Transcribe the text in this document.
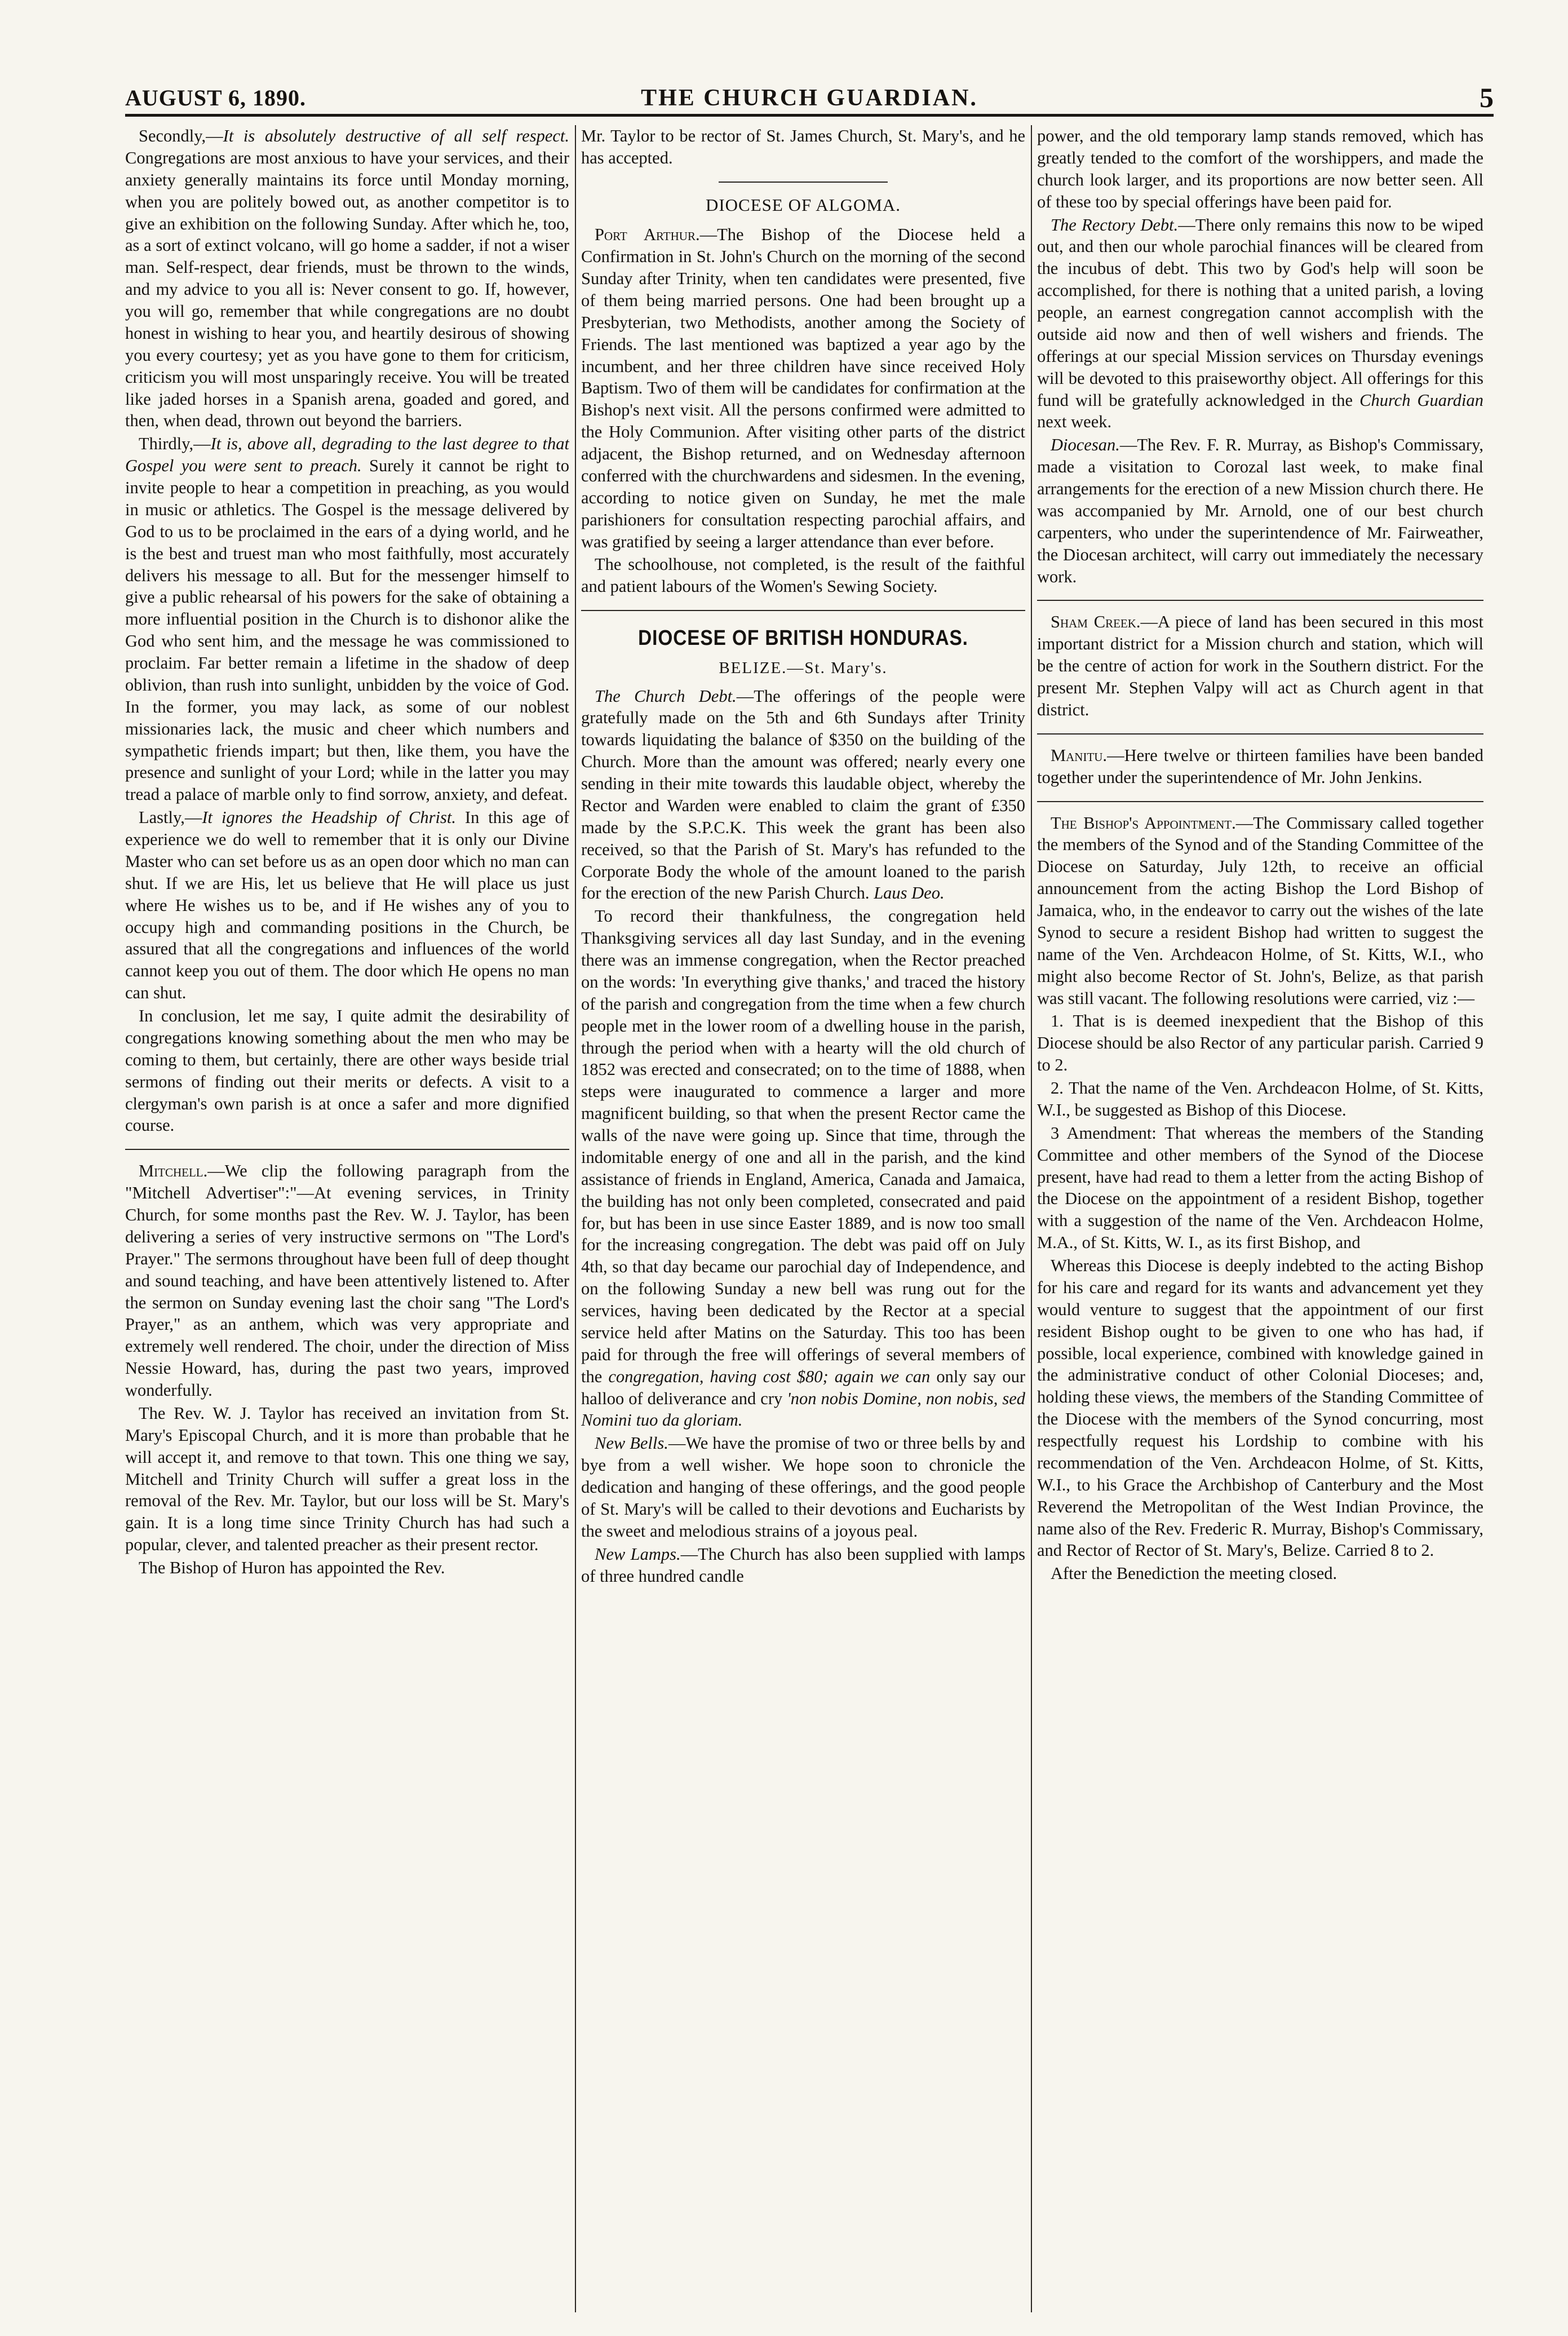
AUGUST 6, 1890.	THE CHURCH GUARDIAN.	5

Secondly,—It is absolutely destructive of all self respect. Congregations are most anxious to have your services, and their anxiety generally maintains its force until Monday morning, when you are politely bowed out, as another competitor is to give an exhibition on the following Sunday. After which he, too, as a sort of extinct volcano, will go home a sadder, if not a wiser man. Self-respect, dear friends, must be thrown to the winds, and my advice to you all is: Never consent to go. If, however, you will go, remember that while congregations are no doubt honest in wishing to hear you, and heartily desirous of showing you every courtesy; yet as you have gone to them for criticism, criticism you will most unsparingly receive. You will be treated like jaded horses in a Spanish arena, goaded and gored, and then, when dead, thrown out beyond the barriers.

Thirdly,—It is, above all, degrading to the last degree to that Gospel you were sent to preach. Surely it cannot be right to invite people to hear a competition in preaching, as you would in music or athletics. The Gospel is the message delivered by God to us to be proclaimed in the ears of a dying world, and he is the best and truest man who most faithfully, most accurately delivers his message to all. But for the messenger himself to give a public rehearsal of his powers for the sake of obtaining a more influential position in the Church is to dishonor alike the God who sent him, and the message he was commissioned to proclaim. Far better remain a lifetime in the shadow of deep oblivion, than rush into sunlight, unbidden by the voice of God. In the former, you may lack, as some of our noblest missionaries lack, the music and cheer which numbers and sympathetic friends impart; but then, like them, you have the presence and sunlight of your Lord; while in the latter you may tread a palace of marble only to find sorrow, anxiety, and defeat.

Lastly,—It ignores the Headship of Christ. In this age of experience we do well to remember that it is only our Divine Master who can set before us as an open door which no man can shut. If we are His, let us believe that He will place us just where He wishes us to be, and if He wishes any of you to occupy high and commanding positions in the Church, be assured that all the congregations and influences of the world cannot keep you out of them. The door which He opens no man can shut.

In conclusion, let me say, I quite admit the desirability of congregations knowing something about the men who may be coming to them, but certainly, there are other ways beside trial sermons of finding out their merits or defects. A visit to a clergyman's own parish is at once a safer and more dignified course.

Mitchell.—We clip the following paragraph from the "Mitchell Advertiser":"—At evening services, in Trinity Church, for some months past the Rev. W. J. Taylor, has been delivering a series of very instructive sermons on "The Lord's Prayer." The sermons throughout have been full of deep thought and sound teaching, and have been attentively listened to. After the sermon on Sunday evening last the choir sang "The Lord's Prayer," as an anthem, which was very appropriate and extremely well rendered. The choir, under the direction of Miss Nessie Howard, has, during the past two years, improved wonderfully.

The Rev. W. J. Taylor has received an invitation from St. Mary's Episcopal Church, and it is more than probable that he will accept it, and remove to that town. This one thing we say, Mitchell and Trinity Church will suffer a great loss in the removal of the Rev. Mr. Taylor, but our loss will be St. Mary's gain. It is a long time since Trinity Church has had such a popular, clever, and talented preacher as their present rector.

The Bishop of Huron has appointed the Rev.

Mr. Taylor to be rector of St. James Church, St. Mary's, and he has accepted.

DIOCESE OF ALGOMA.

Port Arthur.—The Bishop of the Diocese held a Confirmation in St. John's Church on the morning of the second Sunday after Trinity, when ten candidates were presented, five of them being married persons. One had been brought up a Presbyterian, two Methodists, another among the Society of Friends. The last mentioned was baptized a year ago by the incumbent, and her three children have since received Holy Baptism. Two of them will be candidates for confirmation at the Bishop's next visit. All the persons confirmed were admitted to the Holy Communion. After visiting other parts of the district adjacent, the Bishop returned, and on Wednesday afternoon conferred with the churchwardens and sidesmen. In the evening, according to notice given on Sunday, he met the male parishioners for consultation respecting parochial affairs, and was gratified by seeing a larger attendance than ever before.

The schoolhouse, not completed, is the result of the faithful and patient labours of the Women's Sewing Society.

DIOCESE OF BRITISH HONDURAS.
BELIZE.—St. Mary's.

The Church Debt.—The offerings of the people were gratefully made on the 5th and 6th Sundays after Trinity towards liquidating the balance of $350 on the building of the Church. More than the amount was offered; nearly every one sending in their mite towards this laudable object, whereby the Rector and Warden were enabled to claim the grant of £350 made by the S.P.C.K. This week the grant has been also received, so that the Parish of St. Mary's has refunded to the Corporate Body the whole of the amount loaned to the parish for the erection of the new Parish Church. Laus Deo.

To record their thankfulness, the congregation held Thanksgiving services all day last Sunday, and in the evening there was an immense congregation, when the Rector preached on the words: 'In everything give thanks,' and traced the history of the parish and congregation from the time when a few church people met in the lower room of a dwelling house in the parish, through the period when with a hearty will the old church of 1852 was erected and consecrated; on to the time of 1888, when steps were inaugurated to commence a larger and more magnificent building, so that when the present Rector came the walls of the nave were going up. Since that time, through the indomitable energy of one and all in the parish, and the kind assistance of friends in England, America, Canada and Jamaica, the building has not only been completed, consecrated and paid for, but has been in use since Easter 1889, and is now too small for the increasing congregation. The debt was paid off on July 4th, so that day became our parochial day of Independence, and on the following Sunday a new bell was rung out for the services, having been dedicated by the Rector at a special service held after Matins on the Saturday. This too has been paid for through the free will offerings of several members of the congregation, having cost $80; again we can only say our halloo of deliverance and cry 'non nobis Domine, non nobis, sed Nomini tuo da gloriam.

New Bells.—We have the promise of two or three bells by and bye from a well wisher. We hope soon to chronicle the dedication and hanging of these offerings, and the good people of St. Mary's will be called to their devotions and Eucharists by the sweet and melodious strains of a joyous peal.

New Lamps.—The Church has also been supplied with lamps of three hundred candle

power, and the old temporary lamp stands removed, which has greatly tended to the comfort of the worshippers, and made the church look larger, and its proportions are now better seen. All of these too by special offerings have been paid for.

The Rectory Debt.—There only remains this now to be wiped out, and then our whole parochial finances will be cleared from the incubus of debt. This two by God's help will soon be accomplished, for there is nothing that a united parish, a loving people, an earnest congregation cannot accomplish with the outside aid now and then of well wishers and friends. The offerings at our special Mission services on Thursday evenings will be devoted to this praiseworthy object. All offerings for this fund will be gratefully acknowledged in the Church Guardian next week.

Diocesan.—The Rev. F. R. Murray, as Bishop's Commissary, made a visitation to Corozal last week, to make final arrangements for the erection of a new Mission church there. He was accompanied by Mr. Arnold, one of our best church carpenters, who under the superintendence of Mr. Fairweather, the Diocesan architect, will carry out immediately the necessary work.

Sham Creek.—A piece of land has been secured in this most important district for a Mission church and station, which will be the centre of action for work in the Southern district. For the present Mr. Stephen Valpy will act as Church agent in that district.

Manitu.—Here twelve or thirteen families have been banded together under the superintendence of Mr. John Jenkins.

The Bishop's Appointment.—The Commissary called together the members of the Synod and of the Standing Committee of the Diocese on Saturday, July 12th, to receive an official announcement from the acting Bishop the Lord Bishop of Jamaica, who, in the endeavor to carry out the wishes of the late Synod to secure a resident Bishop had written to suggest the name of the Ven. Archdeacon Holme, of St. Kitts, W.I., who might also become Rector of St. John's, Belize, as that parish was still vacant. The following resolutions were carried, viz :—

1. That is is deemed inexpedient that the Bishop of this Diocese should be also Rector of any particular parish. Carried 9 to 2.

2. That the name of the Ven. Archdeacon Holme, of St. Kitts, W.I., be suggested as Bishop of this Diocese.

3 Amendment: That whereas the members of the Standing Committee and other members of the Synod of the Diocese present, have had read to them a letter from the acting Bishop of the Diocese on the appointment of a resident Bishop, together with a suggestion of the name of the Ven. Archdeacon Holme, M.A., of St. Kitts, W. I., as its first Bishop, and

Whereas this Diocese is deeply indebted to the acting Bishop for his care and regard for its wants and advancement yet they would venture to suggest that the appointment of our first resident Bishop ought to be given to one who has had, if possible, local experience, combined with knowledge gained in the administrative conduct of other Colonial Dioceses; and, holding these views, the members of the Standing Committee of the Diocese with the members of the Synod concurring, most respectfully request his Lordship to combine with his recommendation of the Ven. Archdeacon Holme, of St. Kitts, W.I., to his Grace the Archbishop of Canterbury and the Most Reverend the Metropolitan of the West Indian Province, the name also of the Rev. Frederic R. Murray, Bishop's Commissary, and Rector of Rector of St. Mary's, Belize. Carried 8 to 2.

After the Benediction the meeting closed.
